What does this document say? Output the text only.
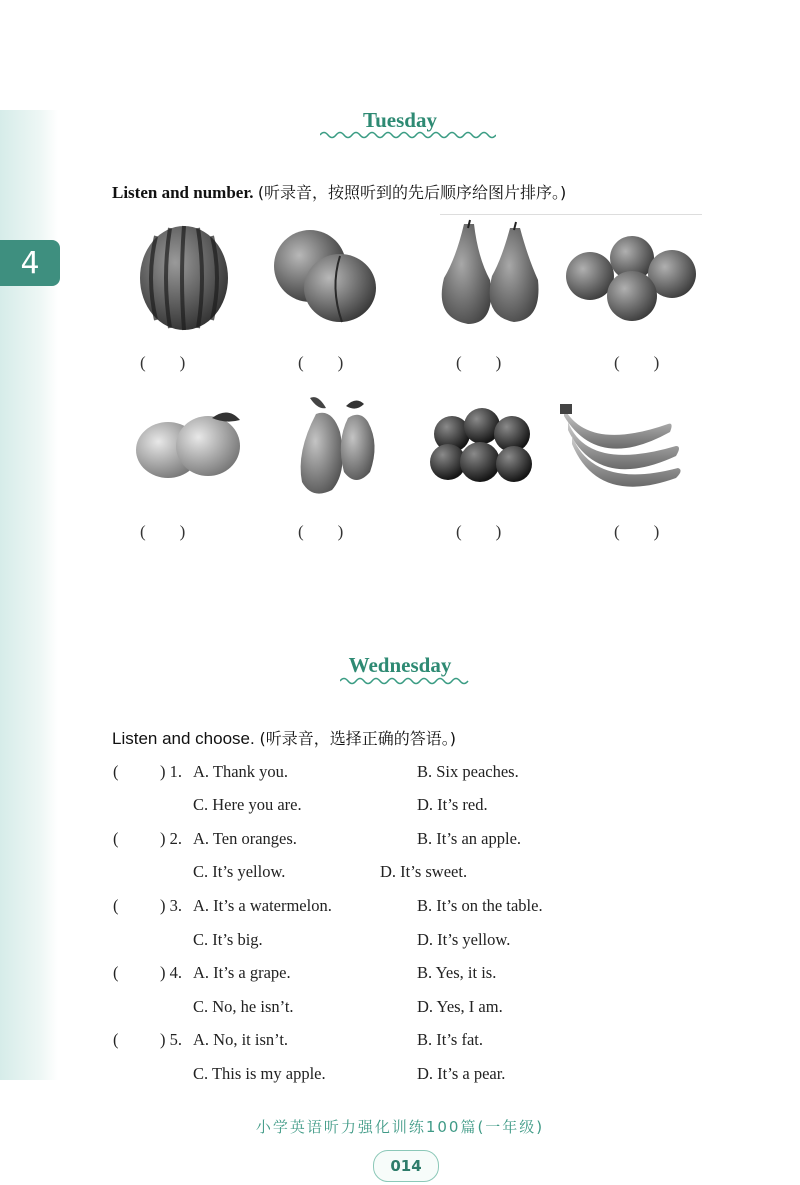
4
Tuesday
Listen and number. (听录音，按照听到的先后顺序给图片排序。)
(　　)	(　　)	(　　)	(　　)
(　　)	(　　)	(　　)	(　　)
Wednesday
Listen and choose. (听录音，选择正确的答语。)
(	) 1. A. Thank you.	B. Six peaches.
C. Here you are.	D. It’s red.
(	) 2. A. Ten oranges.	B. It’s an apple.
C. It’s yellow.	D. It’s sweet.
(	) 3. A. It’s a watermelon.	B. It’s on the table.
C. It’s big.	D. It’s yellow.
(	) 4. A. It’s a grape.	B. Yes, it is.
C. No, he isn’t.	D. Yes, I am.
(	) 5. A. No, it isn’t.	B. It’s fat.
C. This is my apple.	D. It’s a pear.
小学英语听力强化训练100篇(一年级)
014
